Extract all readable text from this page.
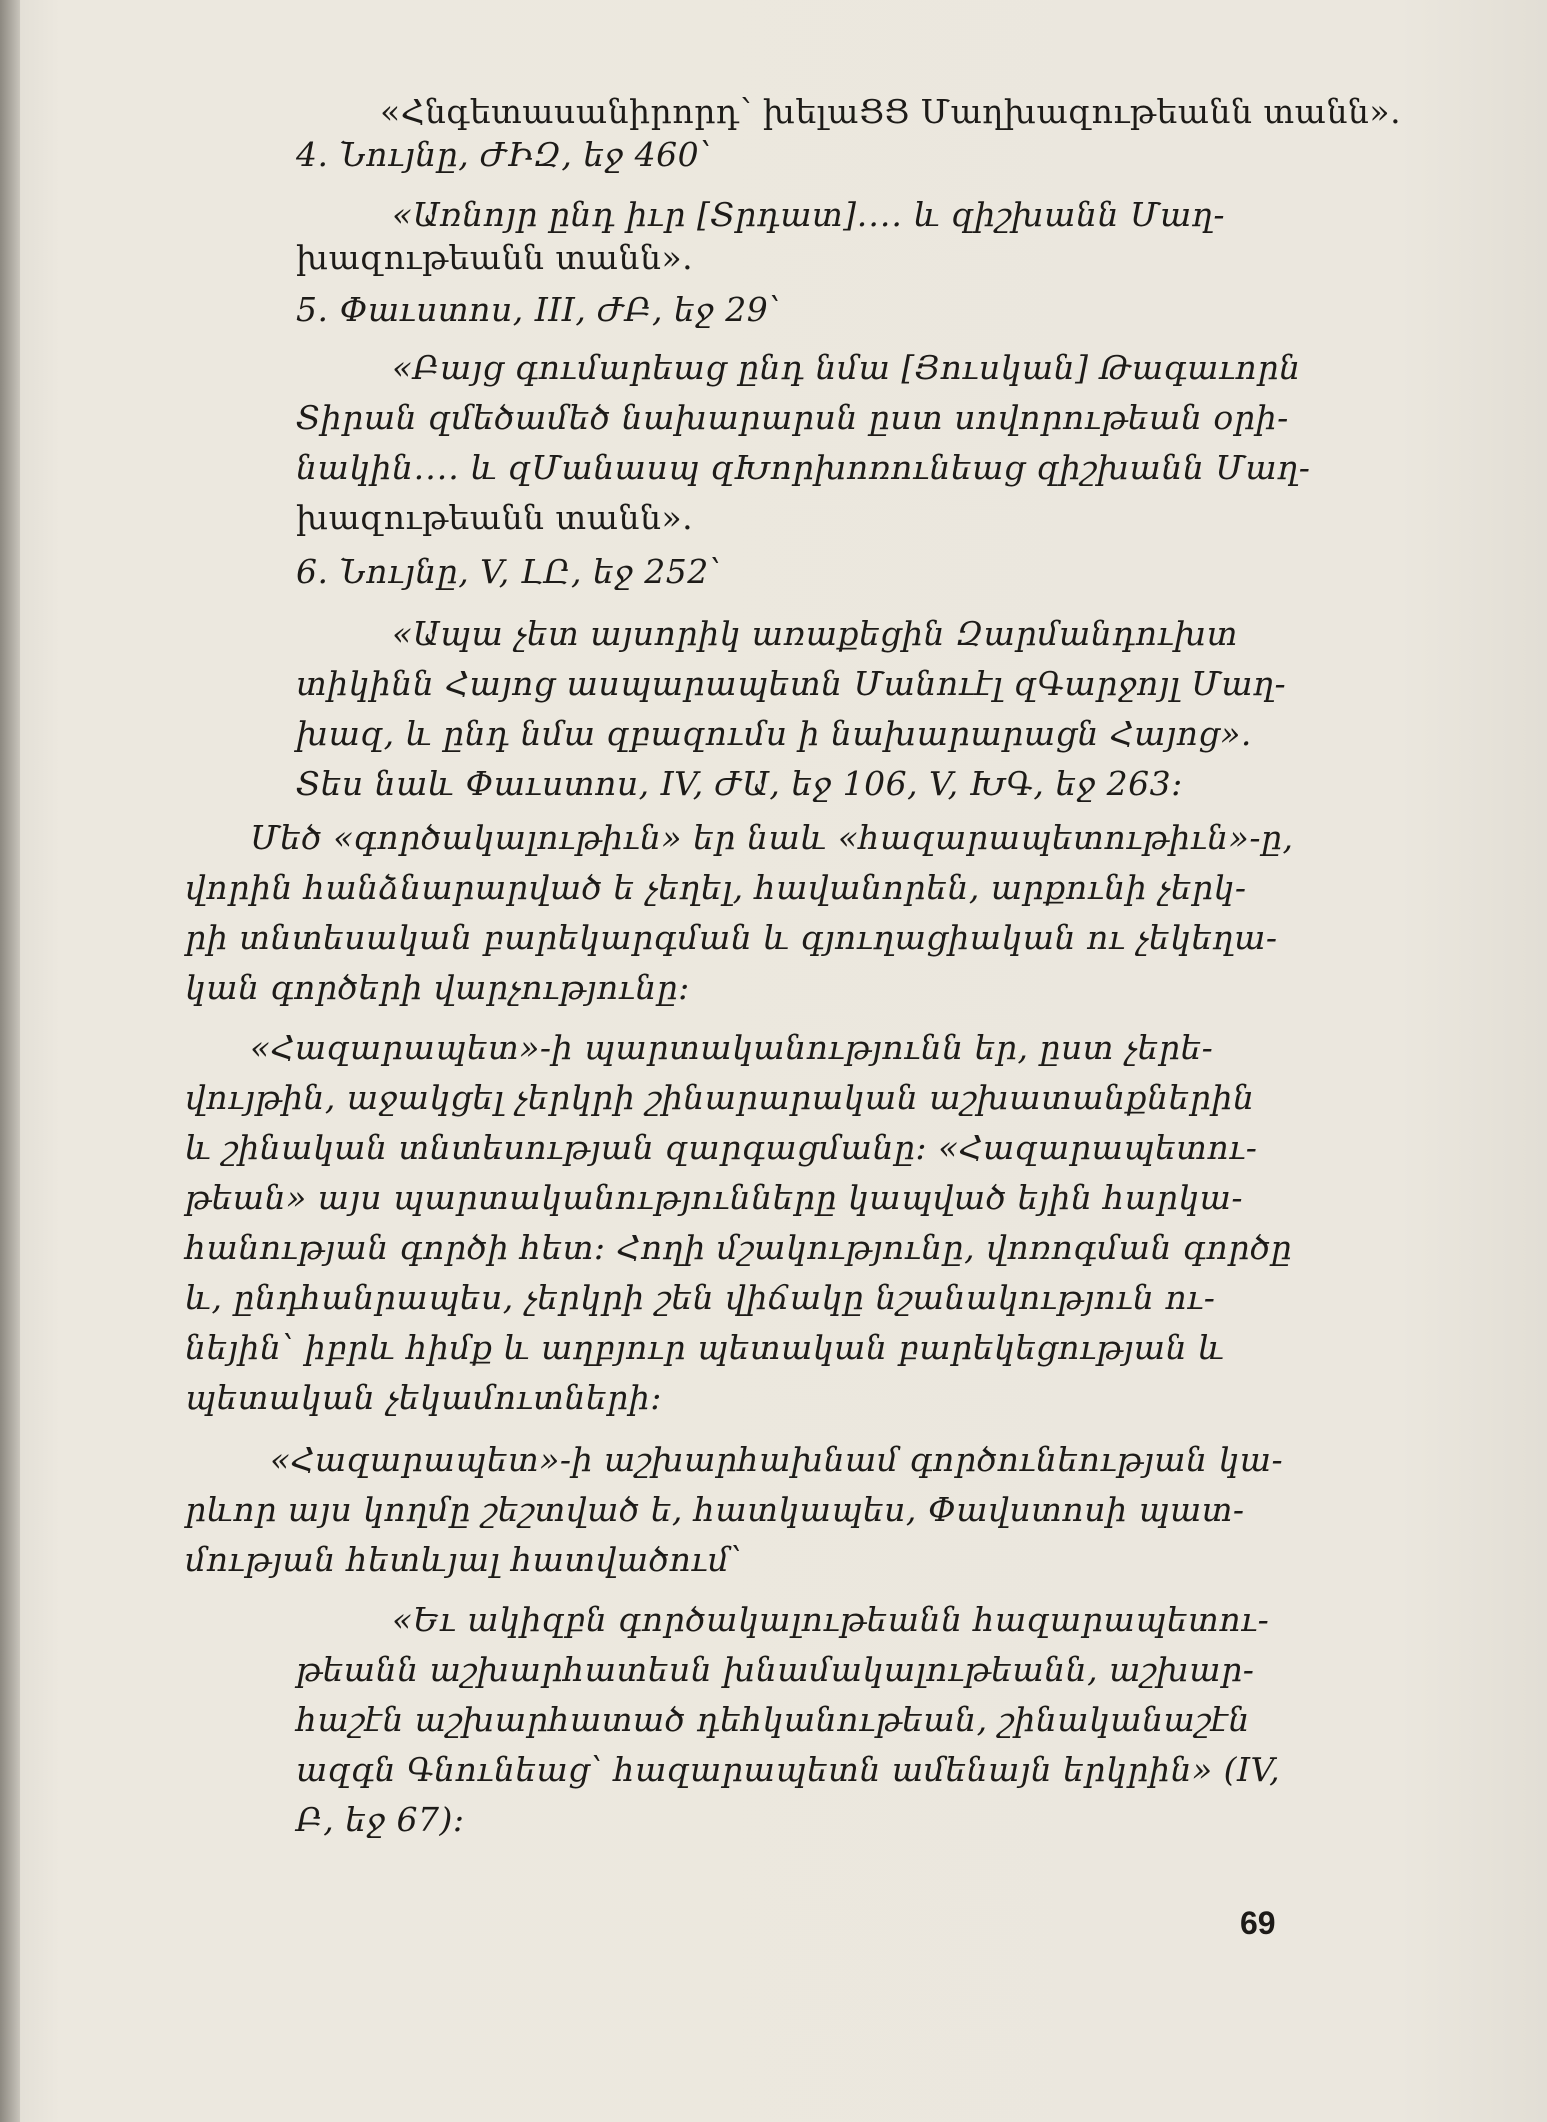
«Հնգետասանիրորդ՝ խելաՑՑ Մաղխազութեանն տանն».
4. Նույնը, ԺԻԶ, եջ 460՝
«Առնոյր ընդ իւր [Տրդատ]․․․․ և զիշխանն Մաղ-
խազութեանն տանն».
5. Փաւստոս, III, ԺԲ, եջ 29՝
«Բայց գումարեաց ընդ նմա [Յուսկան] Թագաւորն
Տիրան զմեծամեծ նախարարսն ըստ սովորութեան օրի-
նակին․․․․ և զՄանասպ զԽորխոռունեաց զիշխանն Մաղ-
խազութեանն տանն».
6. Նույնը, V, ԼԸ, եջ 252՝
«Ապա չետ այսորիկ առաքեցին Զարմանդուխտ
տիկինն Հայոց ասպարապետն Մանուէլ զԳարջոյլ Մաղ-
խազ, և ընդ նմա զբազումս ի նախարարացն Հայոց».
Տես նաև Փաւստոս, IV, ԺԱ, եջ 106, V, ԽԳ, եջ 263։
Մեծ «գործակալութիւն» եր նաև «հազարապետութիւն»-ը,
վորին հանձնարարված ե չեղել, հավանորեն, արքունի չերկ-
րի տնտեսական բարեկարգման և գյուղացիական ու չեկեղա-
կան գործերի վարչությունը։
«Հազարապետ»-ի պարտականությունն եր, ըստ չերե-
վույթին, աջակցել չերկրի շինարարական աշխատանքներին
և շինական տնտեսության զարգացմանը։ «Հազարապետու-
թեան» այս պարտականությունները կապված եյին հարկա-
հանության գործի հետ։ Հողի մշակությունը, վոռոգման գործը
և, ընդհանրապես, չերկրի շեն վիճակը նշանակություն ու-
նեյին՝ իբրև հիմք և աղբյուր պետական բարեկեցության և
պետական չեկամուտների։
«Հազարապետ»-ի աշխարհախնամ գործունեության կա-
րևոր այս կողմը շեշտված ե, հատկապես, Փավստոսի պատ-
մության հետևյալ հատվածում՝
«Եւ ակիզբն գործակալութեանն հազարապետու-
թեանն աշխարհատեսն խնամակալութեանն, աշխար-
հաշէն աշխարհատած դեհկանութեան, շինականաշէն
ազգն Գնունեաց՝ հազարապետն ամենայն երկրին» (IV,
Բ, եջ 67)։
69
